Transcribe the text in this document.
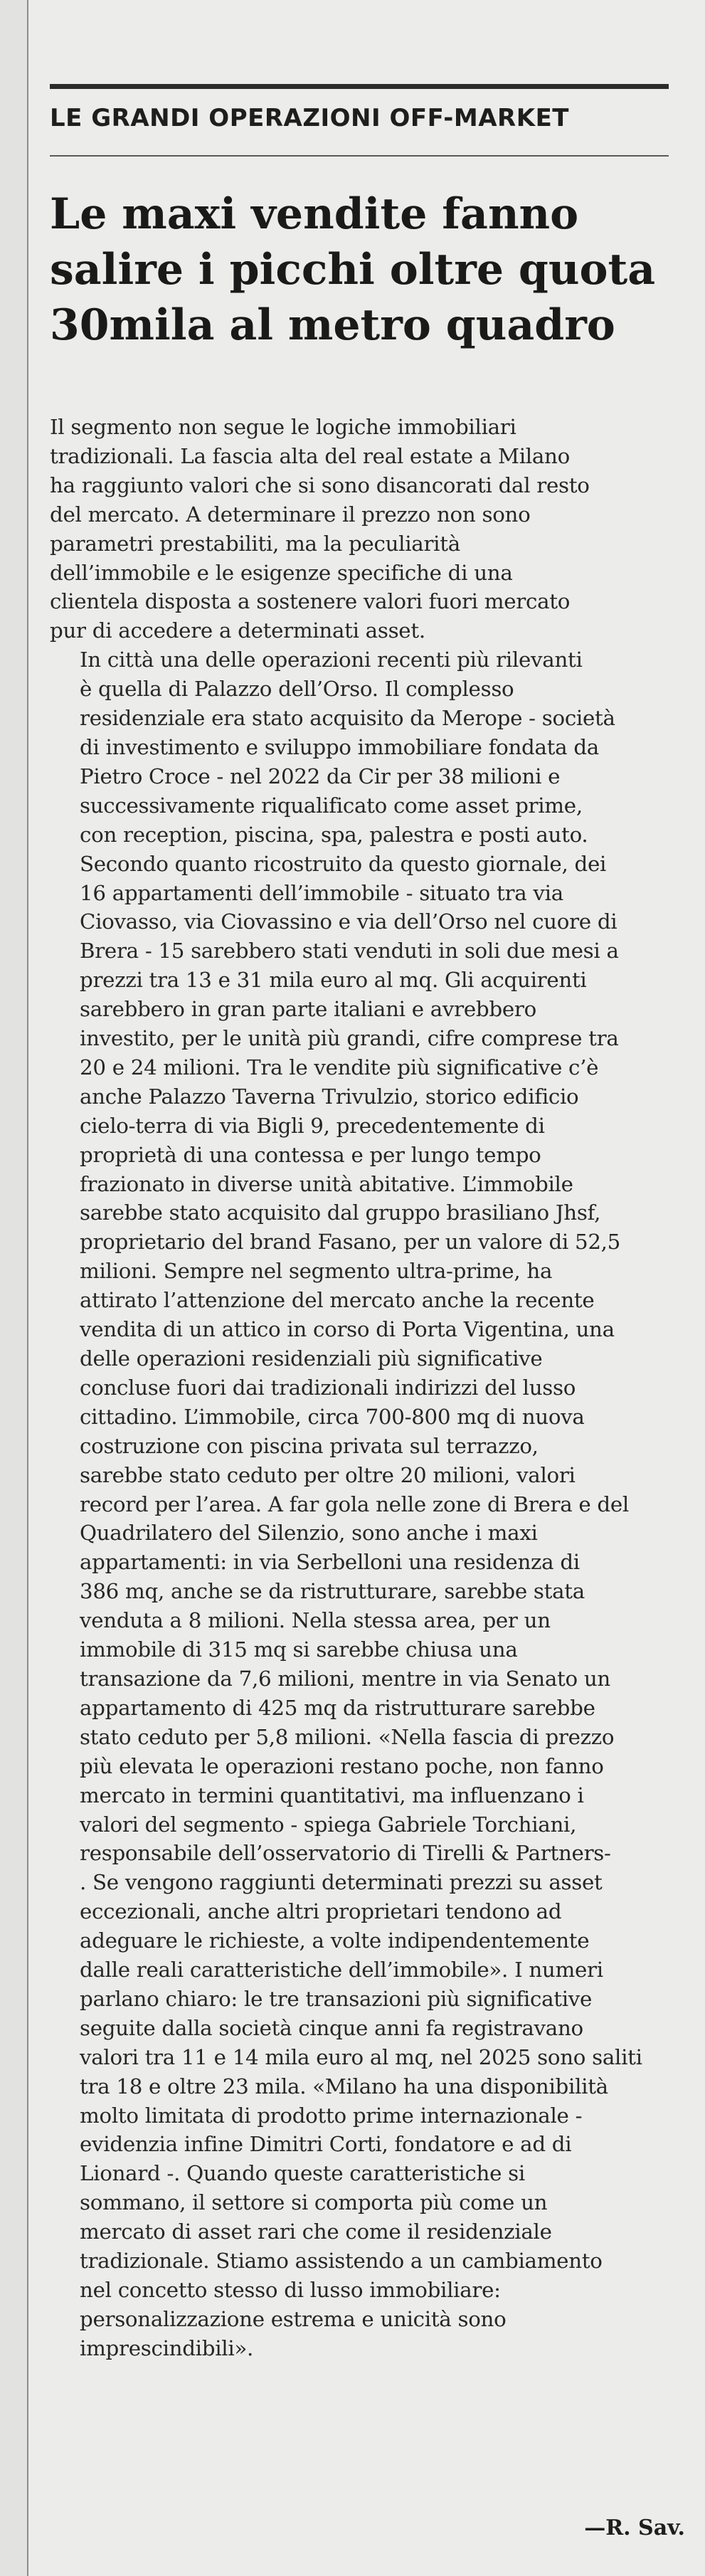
LE GRANDI OPERAZIONI OFF-MARKET
Le maxi vendite fanno
salire i picchi oltre quota
30mila al metro quadro

Il segmento non segue le logiche immobiliari
tradizionali. La fascia alta del real estate a Milano
ha raggiunto valori che si sono disancorati dal resto
del mercato. A determinare il prezzo non sono
parametri prestabiliti, ma la peculiarità
dell’immobile e le esigenze specifiche di una
clientela disposta a sostenere valori fuori mercato
pur di accedere a determinati asset.

In città una delle operazioni recenti più rilevanti
è quella di Palazzo dell’Orso. Il complesso
residenziale era stato acquisito da Merope - società
di investimento e sviluppo immobiliare fondata da
Pietro Croce - nel 2022 da Cir per 38 milioni e
successivamente riqualificato come asset prime,
con reception, piscina, spa, palestra e posti auto.
Secondo quanto ricostruito da questo giornale, dei
16 appartamenti dell’immobile - situato tra via
Ciovasso, via Ciovassino e via dell’Orso nel cuore di
Brera - 15 sarebbero stati venduti in soli due mesi a
prezzi tra 13 e 31 mila euro al mq. Gli acquirenti
sarebbero in gran parte italiani e avrebbero
investito, per le unità più grandi, cifre comprese tra
20 e 24 milioni. Tra le vendite più significative c’è
anche Palazzo Taverna Trivulzio, storico edificio
cielo-terra di via Bigli 9, precedentemente di
proprietà di una contessa e per lungo tempo
frazionato in diverse unità abitative. L’immobile
sarebbe stato acquisito dal gruppo brasiliano Jhsf,
proprietario del brand Fasano, per un valore di 52,5
milioni. Sempre nel segmento ultra-prime, ha
attirato l’attenzione del mercato anche la recente
vendita di un attico in corso di Porta Vigentina, una
delle operazioni residenziali più significative
concluse fuori dai tradizionali indirizzi del lusso
cittadino. L’immobile, circa 700-800 mq di nuova
costruzione con piscina privata sul terrazzo,
sarebbe stato ceduto per oltre 20 milioni, valori
record per l’area. A far gola nelle zone di Brera e del
Quadrilatero del Silenzio, sono anche i maxi
appartamenti: in via Serbelloni una residenza di
386 mq, anche se da ristrutturare, sarebbe stata
venduta a 8 milioni. Nella stessa area, per un
immobile di 315 mq si sarebbe chiusa una
transazione da 7,6 milioni, mentre in via Senato un
appartamento di 425 mq da ristrutturare sarebbe
stato ceduto per 5,8 milioni. «Nella fascia di prezzo
più elevata le operazioni restano poche, non fanno
mercato in termini quantitativi, ma influenzano i
valori del segmento - spiega Gabriele Torchiani,
responsabile dell’osservatorio di Tirelli & Partners-
. Se vengono raggiunti determinati prezzi su asset
eccezionali, anche altri proprietari tendono ad
adeguare le richieste, a volte indipendentemente
dalle reali caratteristiche dell’immobile». I numeri
parlano chiaro: le tre transazioni più significative
seguite dalla società cinque anni fa registravano
valori tra 11 e 14 mila euro al mq, nel 2025 sono saliti
tra 18 e oltre 23 mila. «Milano ha una disponibilità
molto limitata di prodotto prime internazionale -
evidenzia infine Dimitri Corti, fondatore e ad di
Lionard -. Quando queste caratteristiche si
sommano, il settore si comporta più come un
mercato di asset rari che come il residenziale
tradizionale. Stiamo assistendo a un cambiamento
nel concetto stesso di lusso immobiliare:
personalizzazione estrema e unicità sono
imprescindibili».

—R. Sav.
